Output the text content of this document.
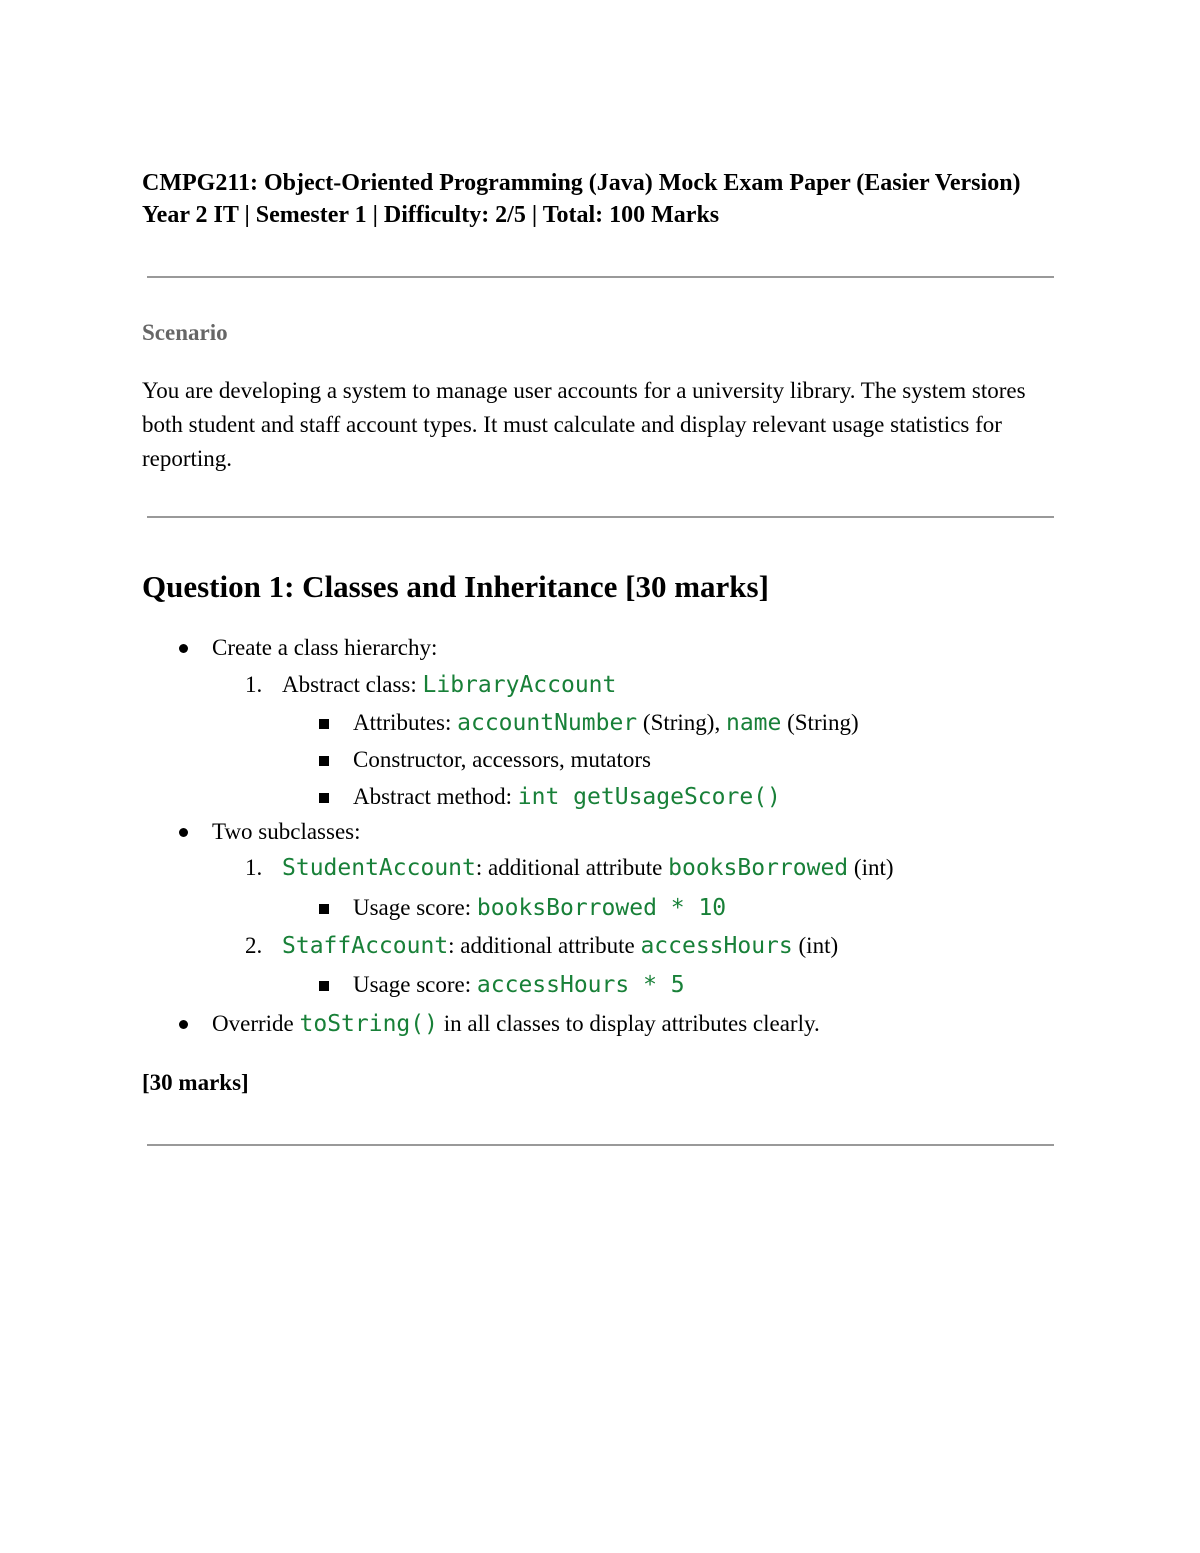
CMPG211: Object-Oriented Programming (Java) Mock Exam Paper (Easier Version) Year 2 IT | Semester 1 | Difficulty: 2/5 | Total: 100 Marks

Scenario

You are developing a system to manage user accounts for a university library. The system stores both student and staff account types. It must calculate and display relevant usage statistics for reporting.

Question 1: Classes and Inheritance [30 marks]
Create a class hierarchy:
1. Abstract class: LibraryAccount
Attributes: accountNumber (String), name (String)
Constructor, accessors, mutators
Abstract method: int getUsageScore()
Two subclasses:
1. StudentAccount: additional attribute booksBorrowed (int)
Usage score: booksBorrowed * 10
2. StaffAccount: additional attribute accessHours (int)
Usage score: accessHours * 5
Override toString() in all classes to display attributes clearly.

[30 marks]
